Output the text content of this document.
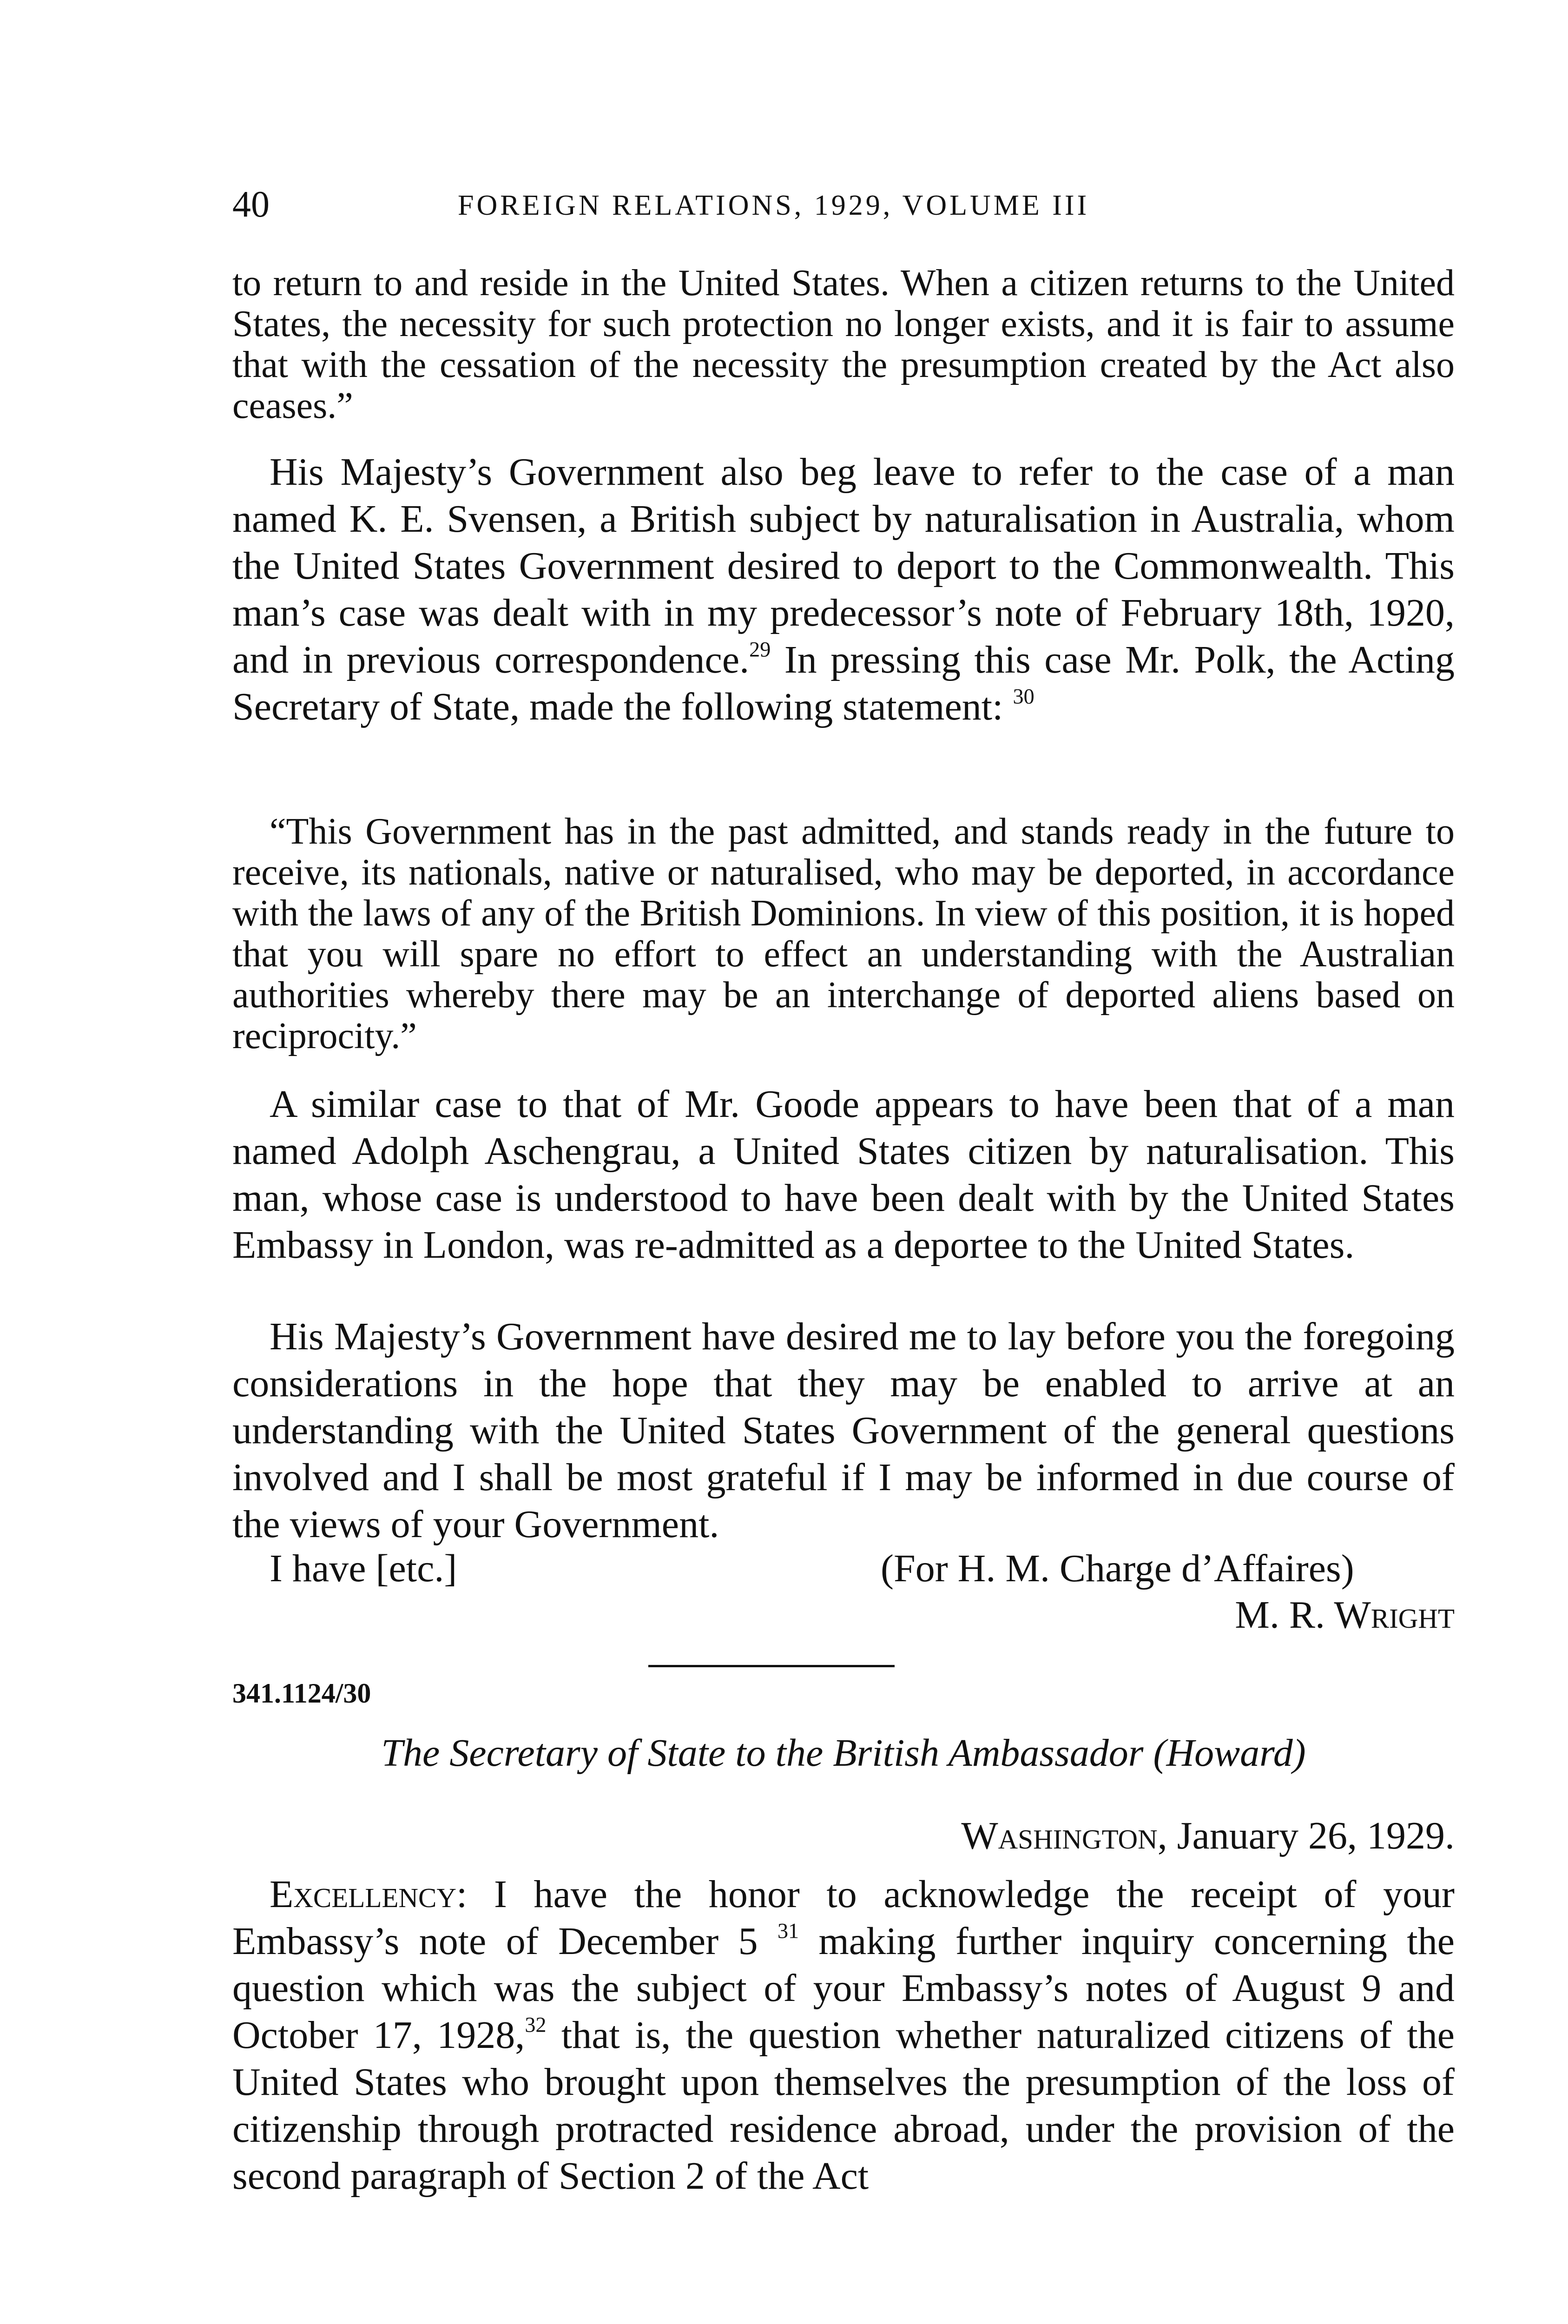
40	FOREIGN RELATIONS, 1929, VOLUME III

to return to and reside in the United States. When a citizen returns to the United States, the necessity for such protection no longer exists, and it is fair to assume that with the cessation of the necessity the presumption created by the Act also ceases.”

His Majesty’s Government also beg leave to refer to the case of a man named K. E. Svensen, a British subject by naturalisation in Australia, whom the United States Government desired to deport to the Commonwealth. This man’s case was dealt with in my predecessor’s note of February 18th, 1920, and in previous correspondence.$^{29}$ In pressing this case Mr. Polk, the Acting Secretary of State, made the following statement: $^{30}$

“This Government has in the past admitted, and stands ready in the future to receive, its nationals, native or naturalised, who may be deported, in accordance with the laws of any of the British Dominions. In view of this position, it is hoped that you will spare no effort to effect an understanding with the Australian authorities whereby there may be an interchange of deported aliens based on reciprocity.”

A similar case to that of Mr. Goode appears to have been that of a man named Adolph Aschengrau, a United States citizen by naturalisation. This man, whose case is understood to have been dealt with by the United States Embassy in London, was re-admitted as a deportee to the United States.

His Majesty’s Government have desired me to lay before you the foregoing considerations in the hope that they may be enabled to arrive at an understanding with the United States Government of the general questions involved and I shall be most grateful if I may be informed in due course of the views of your Government.

I have [etc.]	(For H. M. Charge d’Affaires)
M. R. Wright
341.1124/30
The Secretary of State to the British Ambassador (Howard)
Washington, January 26, 1929.

Excellency: I have the honor to acknowledge the receipt of your Embassy’s note of December 5 $^{31}$ making further inquiry concerning the question which was the subject of your Embassy’s notes of August 9 and October 17, 1928,32 that is, the question whether naturalized citizens of the United States who brought upon themselves the presumption of the loss of citizenship through protracted residence abroad, under the provision of the second paragraph of Section 2 of the Act
